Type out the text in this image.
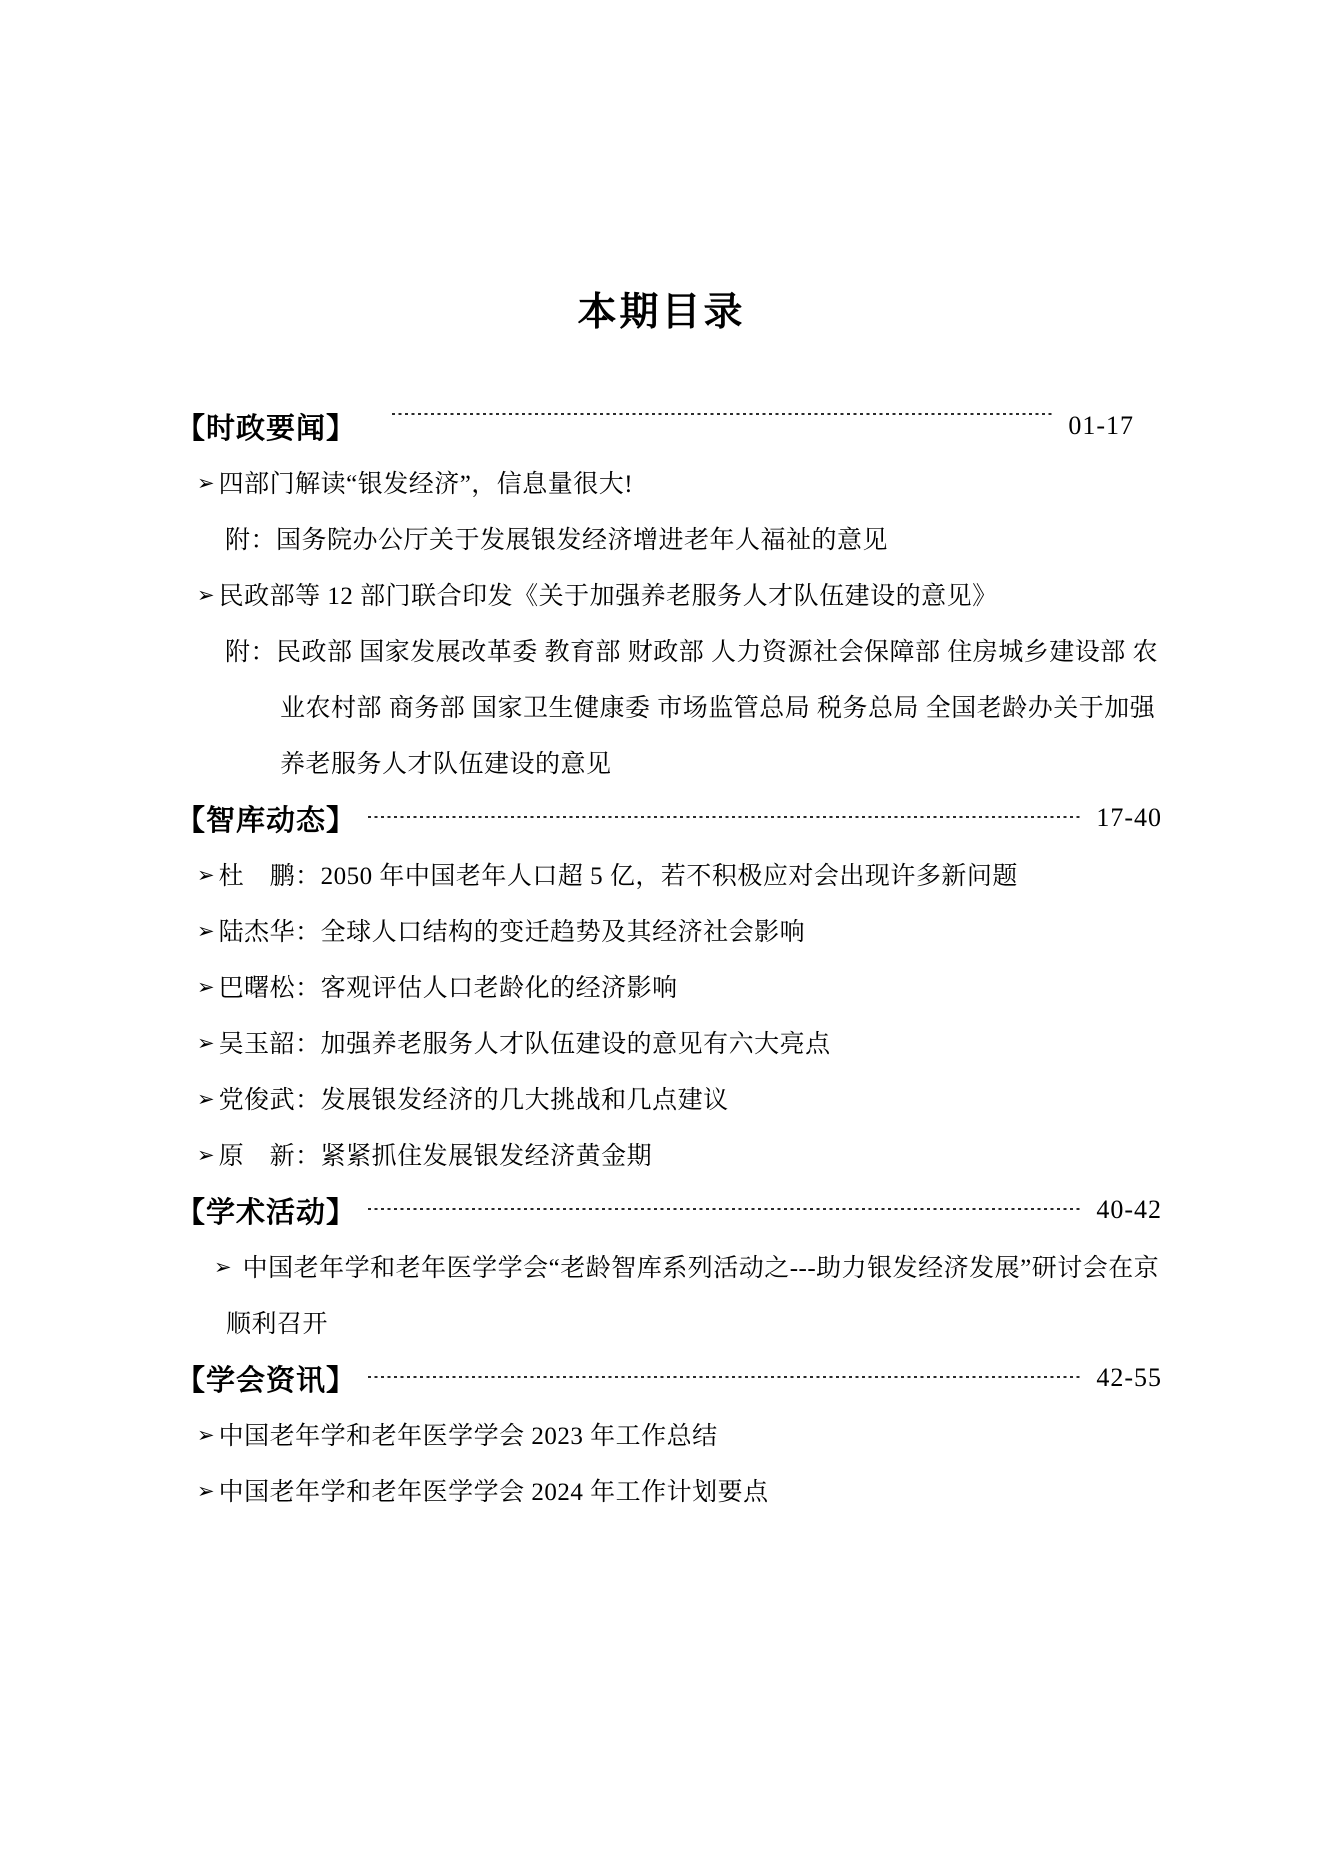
本期目录
【时政要闻】	01-17
➢ 四部门解读“银发经济”，信息量很大!
附：国务院办公厅关于发展银发经济增进老年人福祉的意见
➢ 民政部等 12 部门联合印发《关于加强养老服务人才队伍建设的意见》
附：民政部 国家发展改革委 教育部 财政部 人力资源社会保障部 住房城乡建设部 农
业农村部 商务部 国家卫生健康委 市场监管总局 税务总局 全国老龄办关于加强
养老服务人才队伍建设的意见
【智库动态】	17-40
➢ 杜　鹏：2050 年中国老年人口超 5 亿，若不积极应对会出现许多新问题
➢ 陆杰华：全球人口结构的变迁趋势及其经济社会影响
➢ 巴曙松：客观评估人口老龄化的经济影响
➢ 吴玉韶：加强养老服务人才队伍建设的意见有六大亮点
➢ 党俊武：发展银发经济的几大挑战和几点建议
➢ 原　新：紧紧抓住发展银发经济黄金期
【学术活动】	40-42
➢ 中国老年学和老年医学学会“老龄智库系列活动之---助力银发经济发展”研讨会在京
顺利召开
【学会资讯】	42-55
➢ 中国老年学和老年医学学会 2023 年工作总结
➢ 中国老年学和老年医学学会 2024 年工作计划要点
